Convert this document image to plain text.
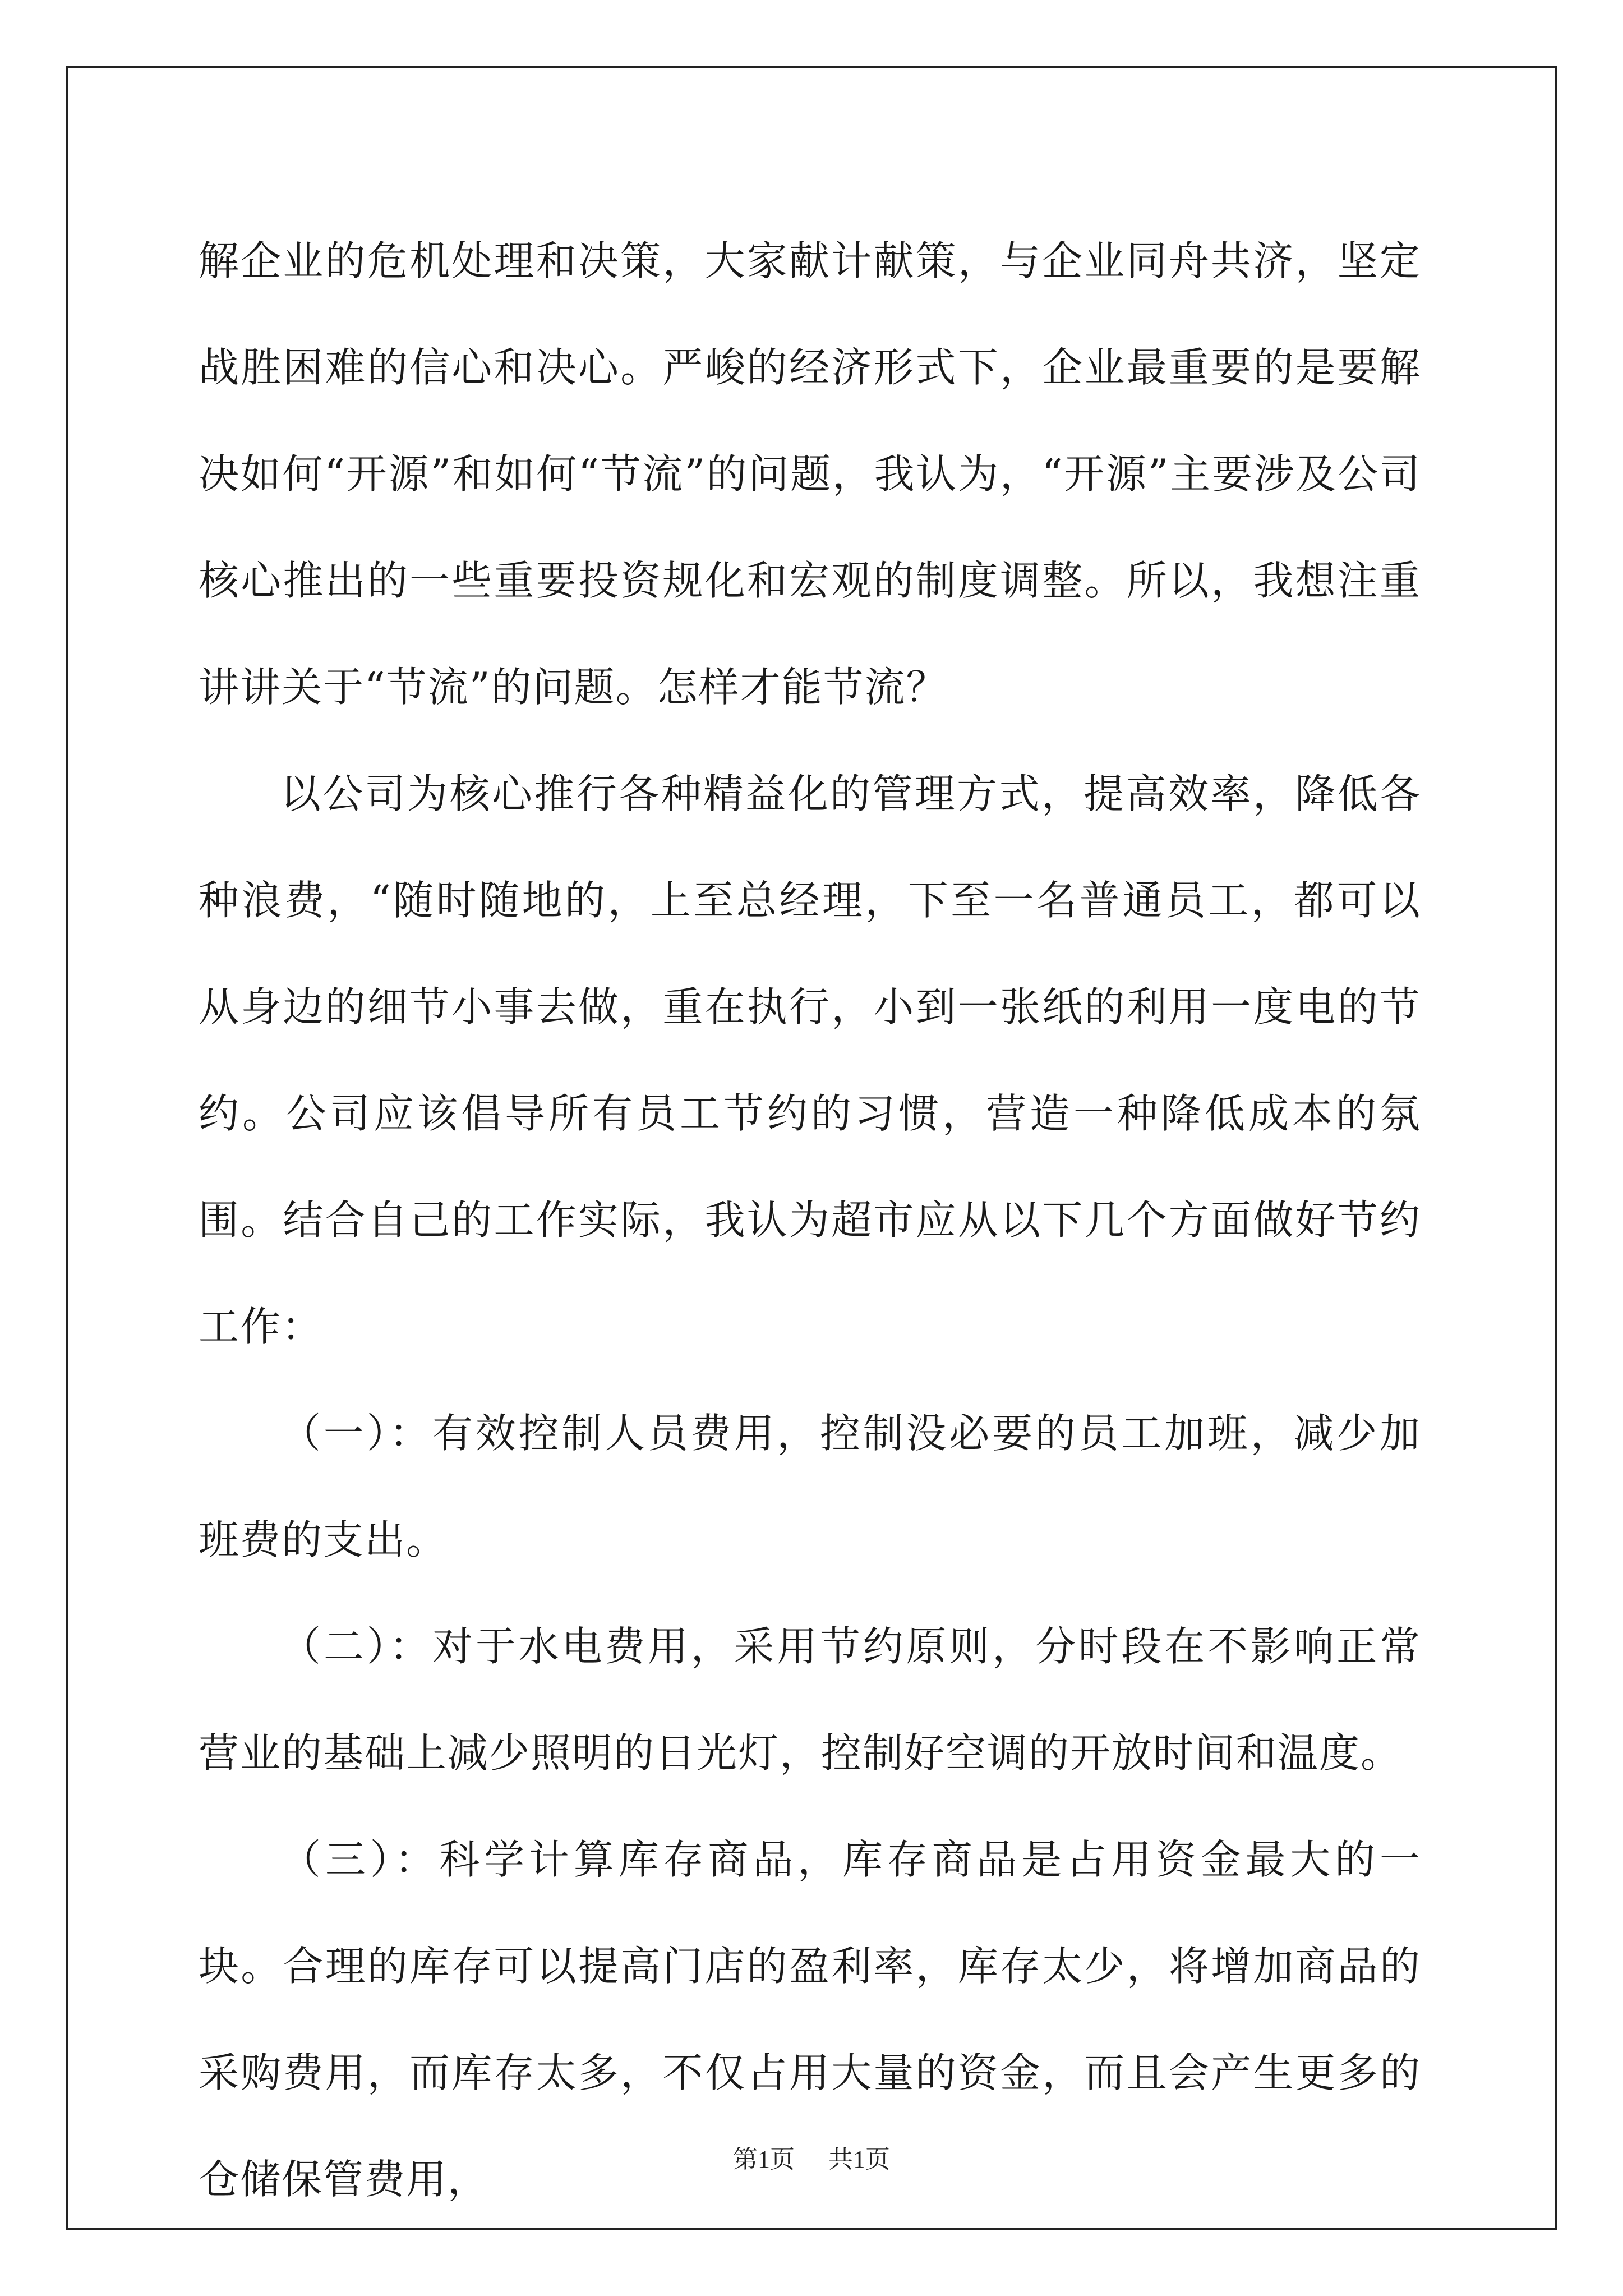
解企业的危机处理和决策，大家献计献策，与企业同舟共济，坚定战胜困难的信心和决心。严峻的经济形式下，企业最重要的是要解决如何“开源”和如何“节流”的问题，我认为，“开源”主要涉及公司核心推出的一些重要投资规化和宏观的制度调整。所以，我想注重讲讲关于“节流”的问题。怎样才能节流？

以公司为核心推行各种精益化的管理方式，提高效率，降低各种浪费，“随时随地的，上至总经理，下至一名普通员工，都可以从身边的细节小事去做，重在执行，小到一张纸的利用一度电的节约。公司应该倡导所有员工节约的习惯，营造一种降低成本的氛围。结合自己的工作实际，我认为超市应从以下几个方面做好节约工作：

（一）：有效控制人员费用，控制没必要的员工加班，减少加班费的支出。

（二）：对于水电费用，采用节约原则，分时段在不影响正常营业的基础上减少照明的日光灯，控制好空调的开放时间和温度。

（三）：科学计算库存商品，库存商品是占用资金最大的一块。合理的库存可以提高门店的盈利率，库存太少，将增加商品的采购费用，而库存太多，不仅占用大量的资金，而且会产生更多的仓储保管费用，	第1页 共1页
